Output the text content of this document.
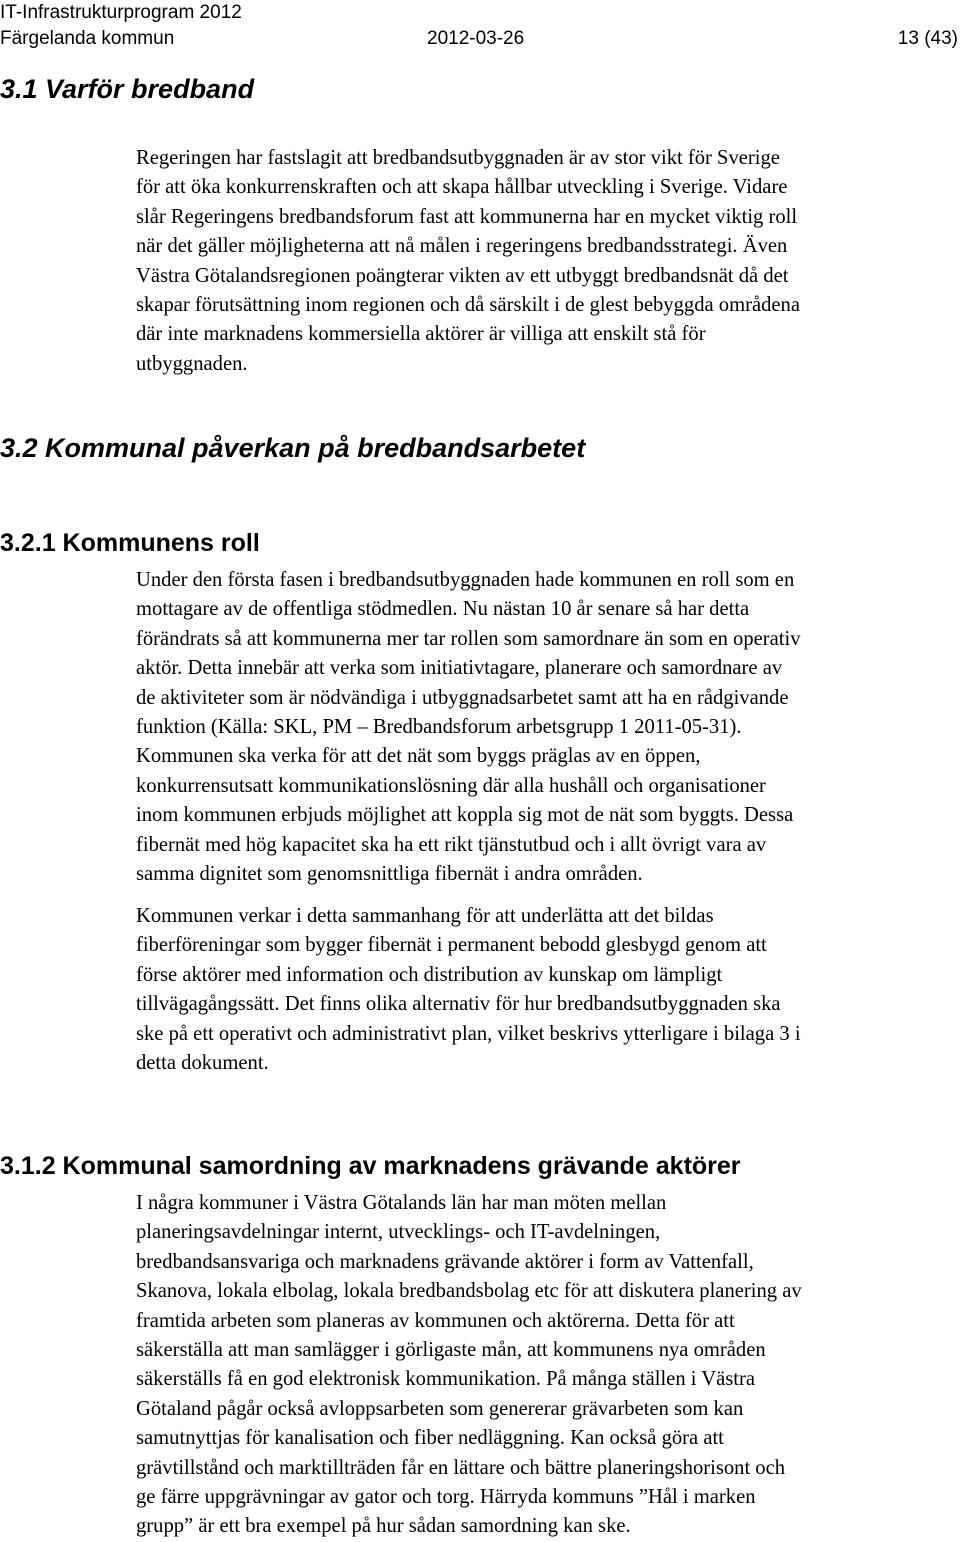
IT-Infrastrukturprogram 2012
Färgelanda kommun	2012-03-26	13 (43)
3.1 Varför bredband
Regeringen har fastslagit att bredbandsutbyggnaden är av stor vikt för Sverige
för att öka konkurrenskraften och att skapa hållbar utveckling i Sverige. Vidare
slår Regeringens bredbandsforum fast att kommunerna har en mycket viktig roll
när det gäller möjligheterna att nå målen i regeringens bredbandsstrategi. Även
Västra Götalandsregionen poängterar vikten av ett utbyggt bredbandsnät då det
skapar förutsättning inom regionen och då särskilt i de glest bebyggda områdena
där inte marknadens kommersiella aktörer är villiga att enskilt stå för
utbyggnaden.
3.2 Kommunal påverkan på bredbandsarbetet
3.2.1 Kommunens roll
Under den första fasen i bredbandsutbyggnaden hade kommunen en roll som en
mottagare av de offentliga stödmedlen. Nu nästan 10 år senare så har detta
förändrats så att kommunerna mer tar rollen som samordnare än som en operativ
aktör. Detta innebär att verka som initiativtagare, planerare och samordnare av
de aktiviteter som är nödvändiga i utbyggnadsarbetet samt att ha en rådgivande
funktion (Källa: SKL, PM – Bredbandsforum arbetsgrupp 1 2011-05-31).
Kommunen ska verka för att det nät som byggs präglas av en öppen,
konkurrensutsatt kommunikationslösning där alla hushåll och organisationer
inom kommunen erbjuds möjlighet att koppla sig mot de nät som byggts. Dessa
fibernät med hög kapacitet ska ha ett rikt tjänstutbud och i allt övrigt vara av
samma dignitet som genomsnittliga fibernät i andra områden.
Kommunen verkar i detta sammanhang för att underlätta att det bildas
fiberföreningar som bygger fibernät i permanent bebodd glesbygd genom att
förse aktörer med information och distribution av kunskap om lämpligt
tillvägagångssätt. Det finns olika alternativ för hur bredbandsutbyggnaden ska
ske på ett operativt och administrativt plan, vilket beskrivs ytterligare i bilaga 3 i
detta dokument.
3.1.2 Kommunal samordning av marknadens grävande aktörer
I några kommuner i Västra Götalands län har man möten mellan
planeringsavdelningar internt, utvecklings- och IT-avdelningen,
bredbandsansvariga och marknadens grävande aktörer i form av Vattenfall,
Skanova, lokala elbolag, lokala bredbandsbolag etc för att diskutera planering av
framtida arbeten som planeras av kommunen och aktörerna. Detta för att
säkerställa att man samlägger i görligaste mån, att kommunens nya områden
säkerställs få en god elektronisk kommunikation. På många ställen i Västra
Götaland pågår också avloppsarbeten som genererar grävarbeten som kan
samutnyttjas för kanalisation och fiber nedläggning. Kan också göra att
grävtillstånd och marktillträden får en lättare och bättre planeringshorisont och
ge färre uppgrävningar av gator och torg. Härryda kommuns ”Hål i marken
grupp” är ett bra exempel på hur sådan samordning kan ske.
